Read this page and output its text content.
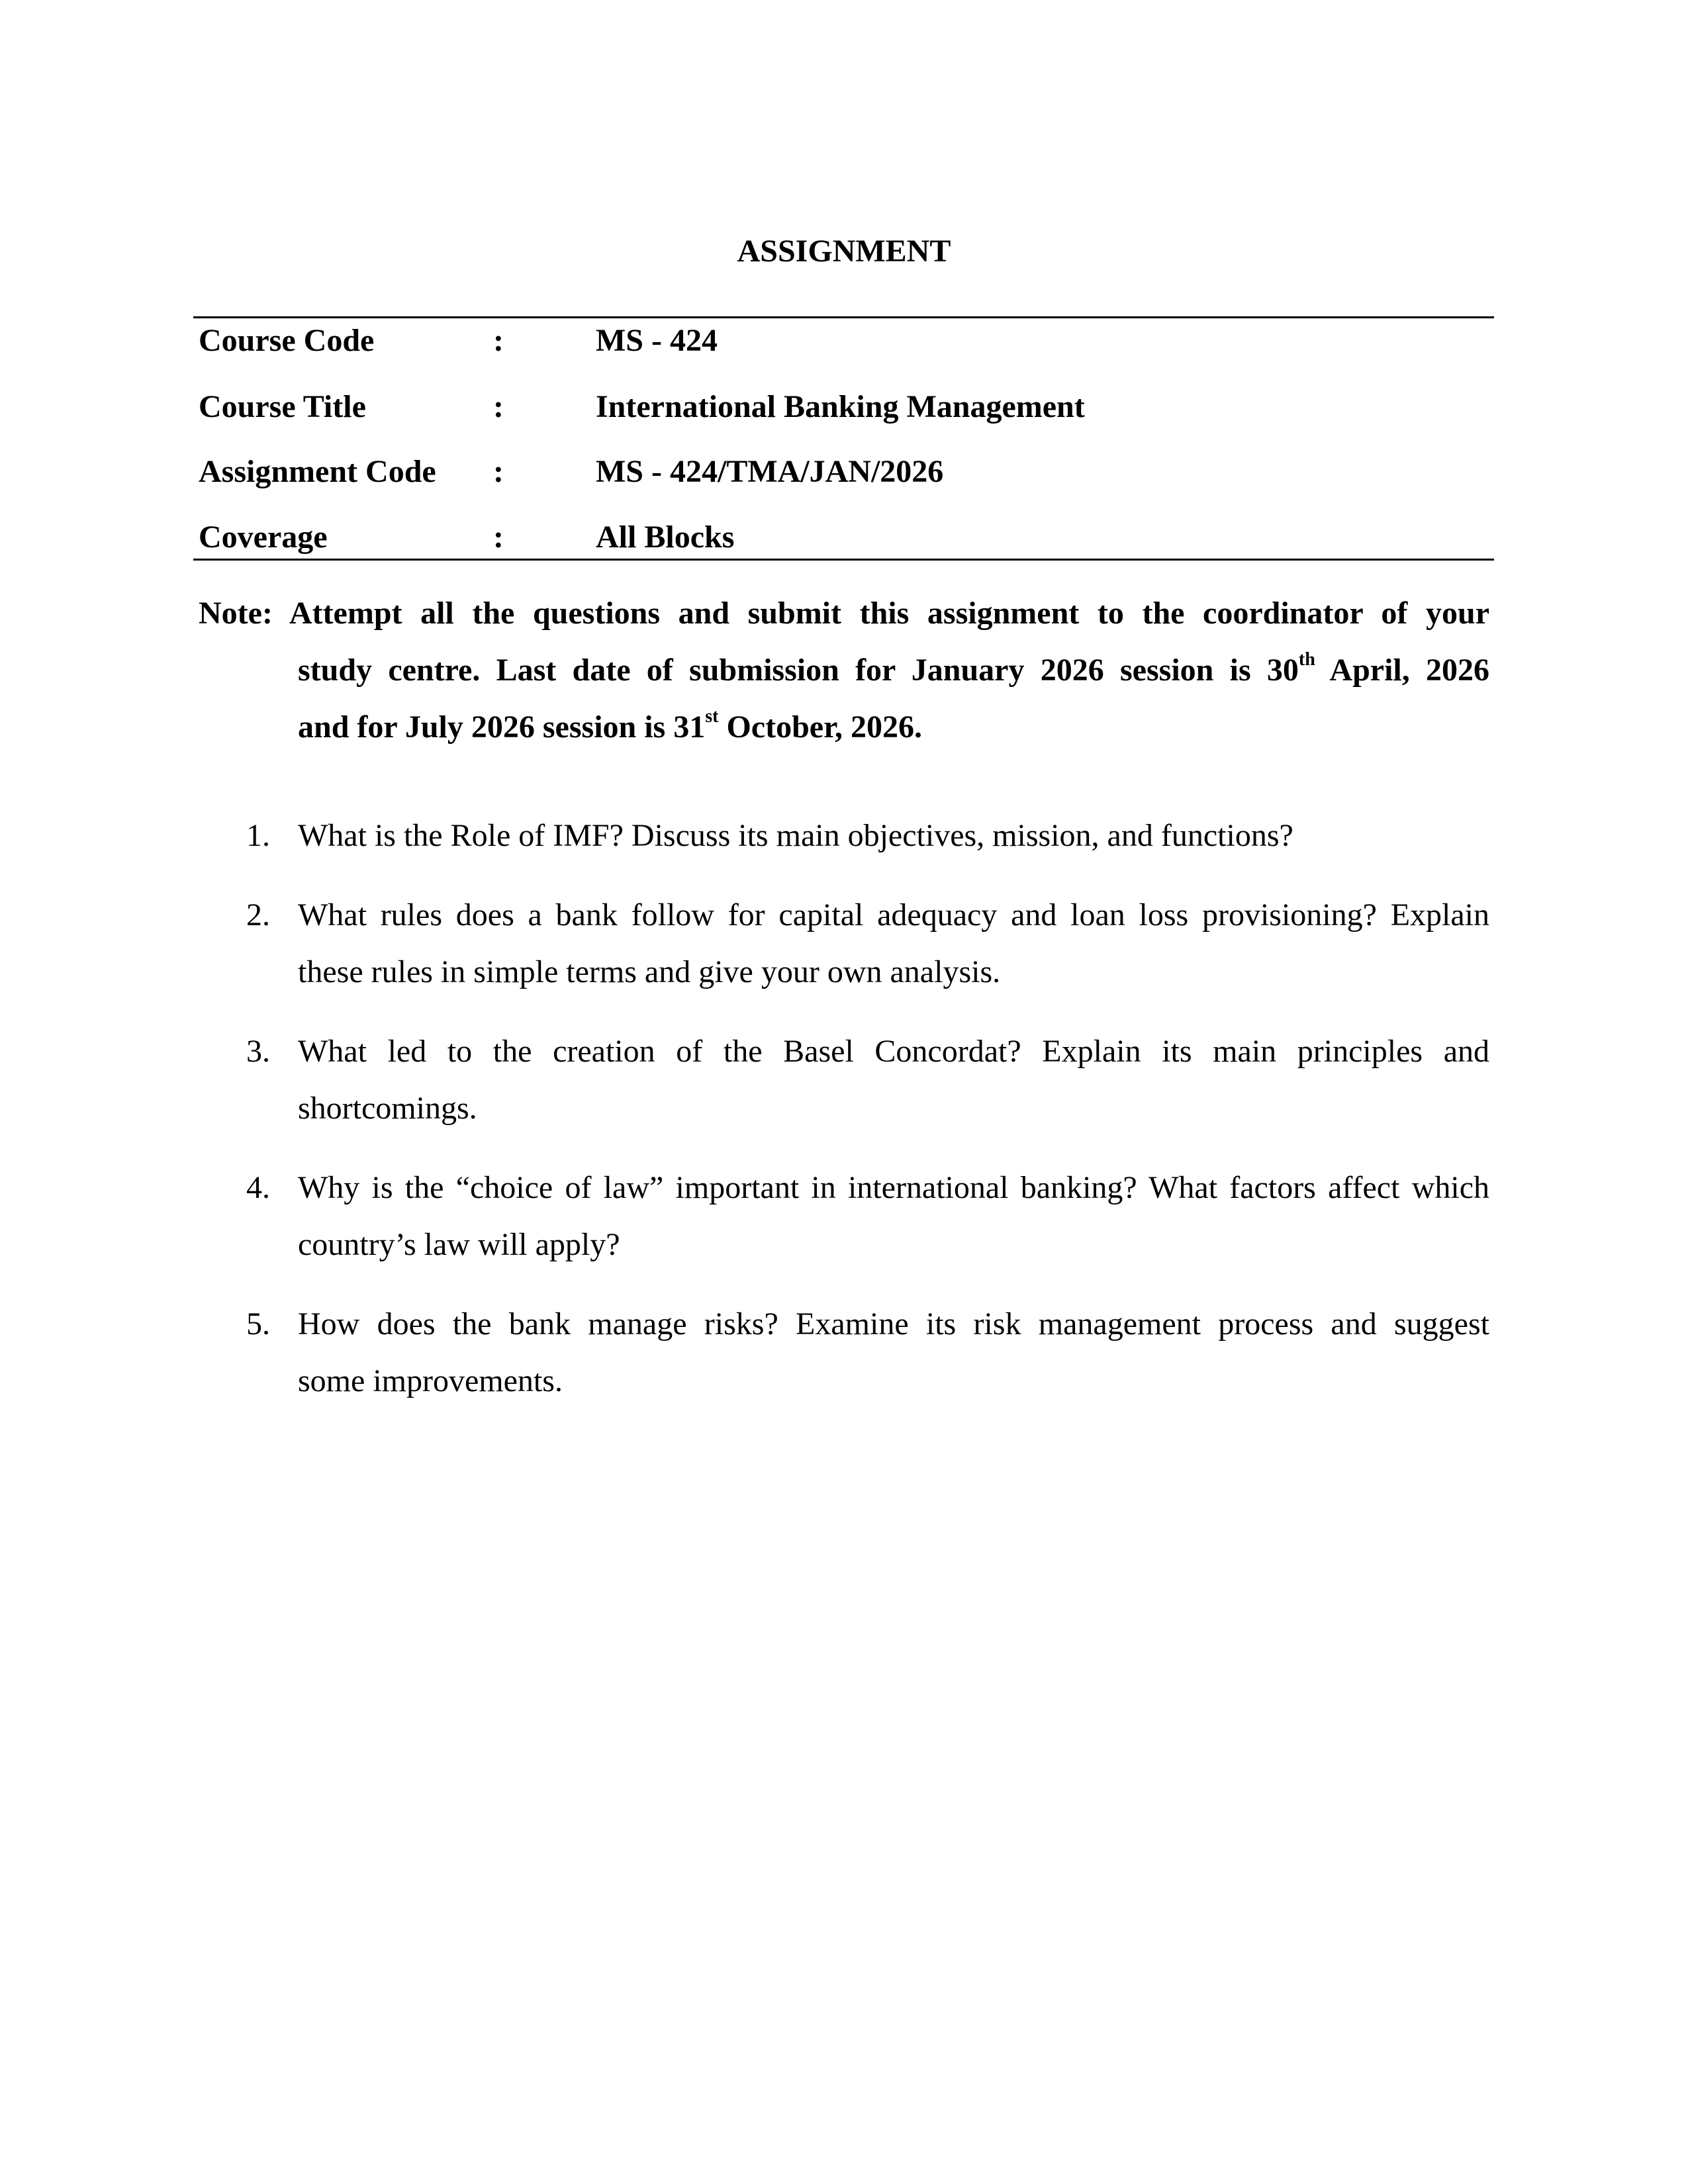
ASSIGNMENT
Course Code	:	MS - 424
Course Title	:	International Banking Management
Assignment Code :	MS - 424/TMA/JAN/2026
Coverage	:	All Blocks
Note: Attempt all the questions and submit this assignment to the coordinator of your
study centre. Last date of submission for January 2026 session is 30th April, 2026
and for July 2026 session is 31st October, 2026.
1. What is the Role of IMF? Discuss its main objectives, mission, and functions?
2. What rules does a bank follow for capital adequacy and loan loss provisioning? Explain
these rules in simple terms and give your own analysis.
3. What led to the creation of the Basel Concordat? Explain its main principles and
shortcomings.
4. Why is the “choice of law” important in international banking? What factors affect which
country’s law will apply?
5. How does the bank manage risks? Examine its risk management process and suggest
some improvements.
